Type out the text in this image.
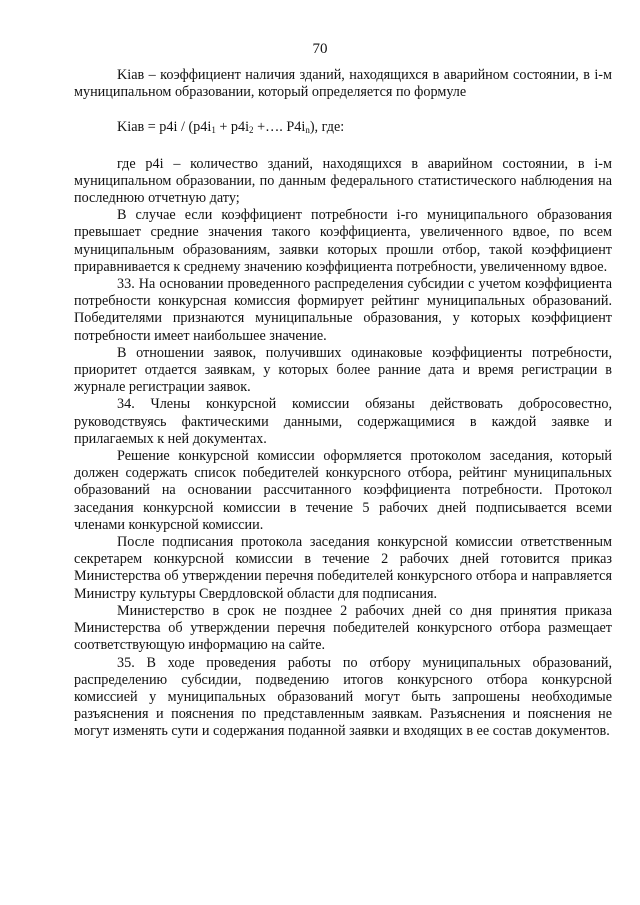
70

Kiав – коэффициент наличия зданий, находящихся в аварийном состоянии, в i-м муниципальном образовании, который определяется по формуле

Kiав = $p4i / (p4i_1 + p4i_2$ +…. $P4i_n$), где:

где p4i – количество зданий, находящихся в аварийном состоянии, в i-м муниципальном образовании, по данным федерального статистического наблюдения на последнюю отчетную дату;

В случае если коэффициент потребности i-го муниципального образования превышает средние значения такого коэффициента, увеличенного вдвое, по всем муниципальным образованиям, заявки которых прошли отбор, такой коэффициент приравнивается к среднему значению коэффициента потребности, увеличенному вдвое.

33. На основании проведенного распределения субсидии с учетом коэффициента потребности конкурсная комиссия формирует рейтинг муниципальных образований. Победителями признаются муниципальные образования, у которых коэффициент потребности имеет наибольшее значение.

В отношении заявок, получивших одинаковые коэффициенты потребности, приоритет отдается заявкам, у которых более ранние дата и время регистрации в журнале регистрации заявок.

34. Члены конкурсной комиссии обязаны действовать добросовестно, руководствуясь фактическими данными, содержащимися в каждой заявке и прилагаемых к ней документах.

Решение конкурсной комиссии оформляется протоколом заседания, который должен содержать список победителей конкурсного отбора, рейтинг муниципальных образований на основании рассчитанного коэффициента потребности. Протокол заседания конкурсной комиссии в течение 5 рабочих дней подписывается всеми членами конкурсной комиссии.

После подписания протокола заседания конкурсной комиссии ответственным секретарем конкурсной комиссии в течение 2 рабочих дней готовится приказ Министерства об утверждении перечня победителей конкурсного отбора и направляется Министру культуры Свердловской области для подписания.

Министерство в срок не позднее 2 рабочих дней со дня принятия приказа Министерства об утверждении перечня победителей конкурсного отбора размещает соответствующую информацию на сайте.

35. В ходе проведения работы по отбору муниципальных образований, распределению субсидии, подведению итогов конкурсного отбора конкурсной комиссией у муниципальных образований могут быть запрошены необходимые разъяснения и пояснения по представленным заявкам. Разъяснения и пояснения не могут изменять сути и содержания поданной заявки и входящих в ее состав документов.
